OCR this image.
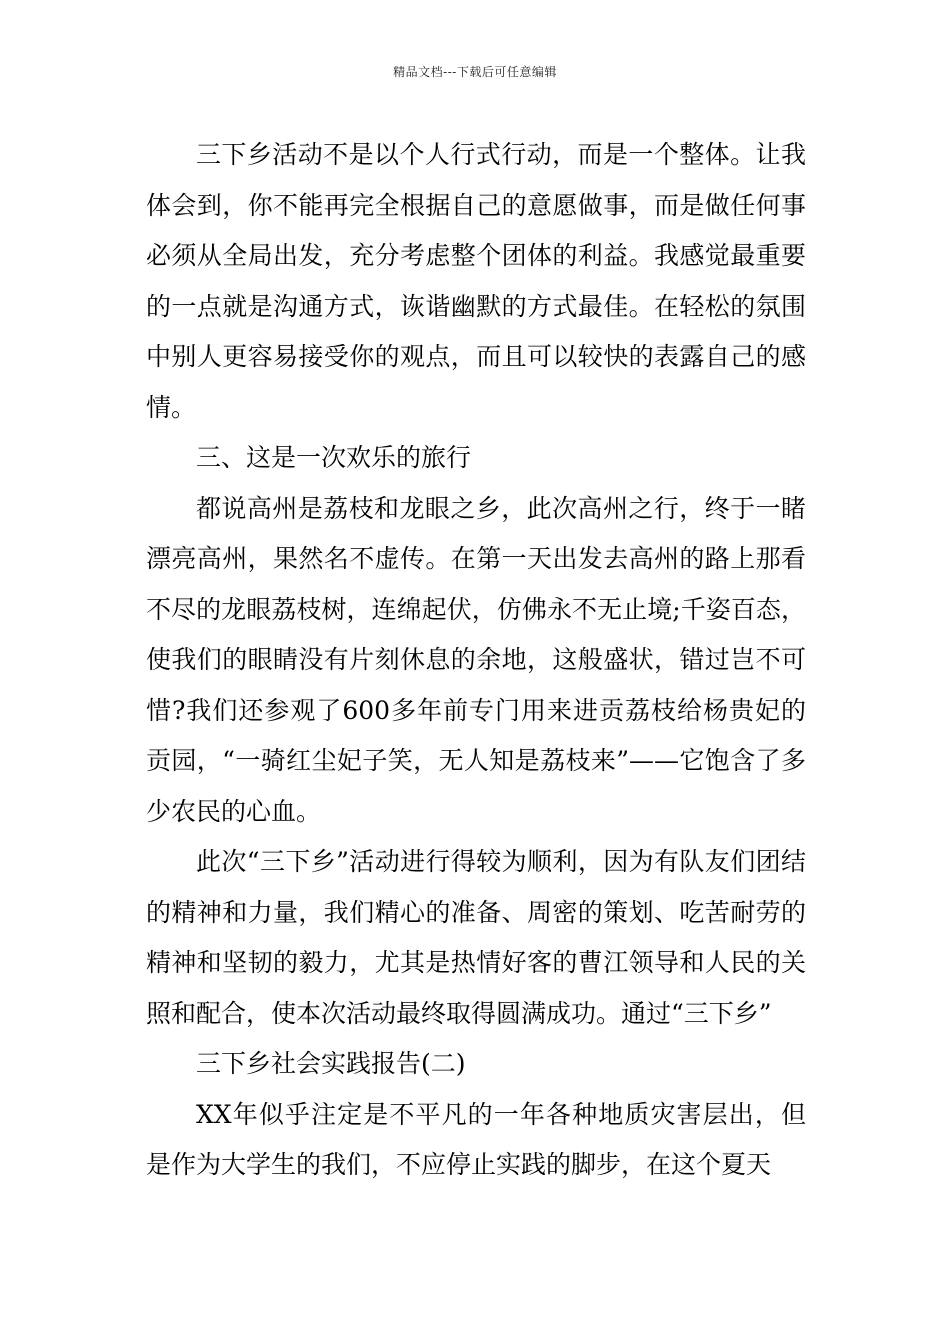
精品文档---下载后可任意编辑

三下乡活动不是以个人行式行动，而是一个整体。让我体会到，你不能再完全根据自己的意愿做事，而是做任何事必须从全局出发，充分考虑整个团体的利益。我感觉最重要的一点就是沟通方式，诙谐幽默的方式最佳。在轻松的氛围中别人更容易接受你的观点，而且可以较快的表露自己的感情。

三、这是一次欢乐的旅行

都说高州是荔枝和龙眼之乡，此次高州之行，终于一睹漂亮高州，果然名不虚传。在第一天出发去高州的路上那看不尽的龙眼荔枝树，连绵起伏，仿佛永不无止境;千姿百态，使我们的眼睛没有片刻休息的余地，这般盛状，错过岂不可惜?我们还参观了600多年前专门用来进贡荔枝给杨贵妃的贡园，“一骑红尘妃子笑，无人知是荔枝来”——它饱含了多少农民的心血。

此次“三下乡”活动进行得较为顺利，因为有队友们团结的精神和力量，我们精心的准备、周密的策划、吃苦耐劳的精神和坚韧的毅力，尤其是热情好客的曹江领导和人民的关照和配合，使本次活动最终取得圆满成功。通过“三下乡”

三下乡社会实践报告(二)

XX年似乎注定是不平凡的一年各种地质灾害层出，但是作为大学生的我们，不应停止实践的脚步，在这个夏天
